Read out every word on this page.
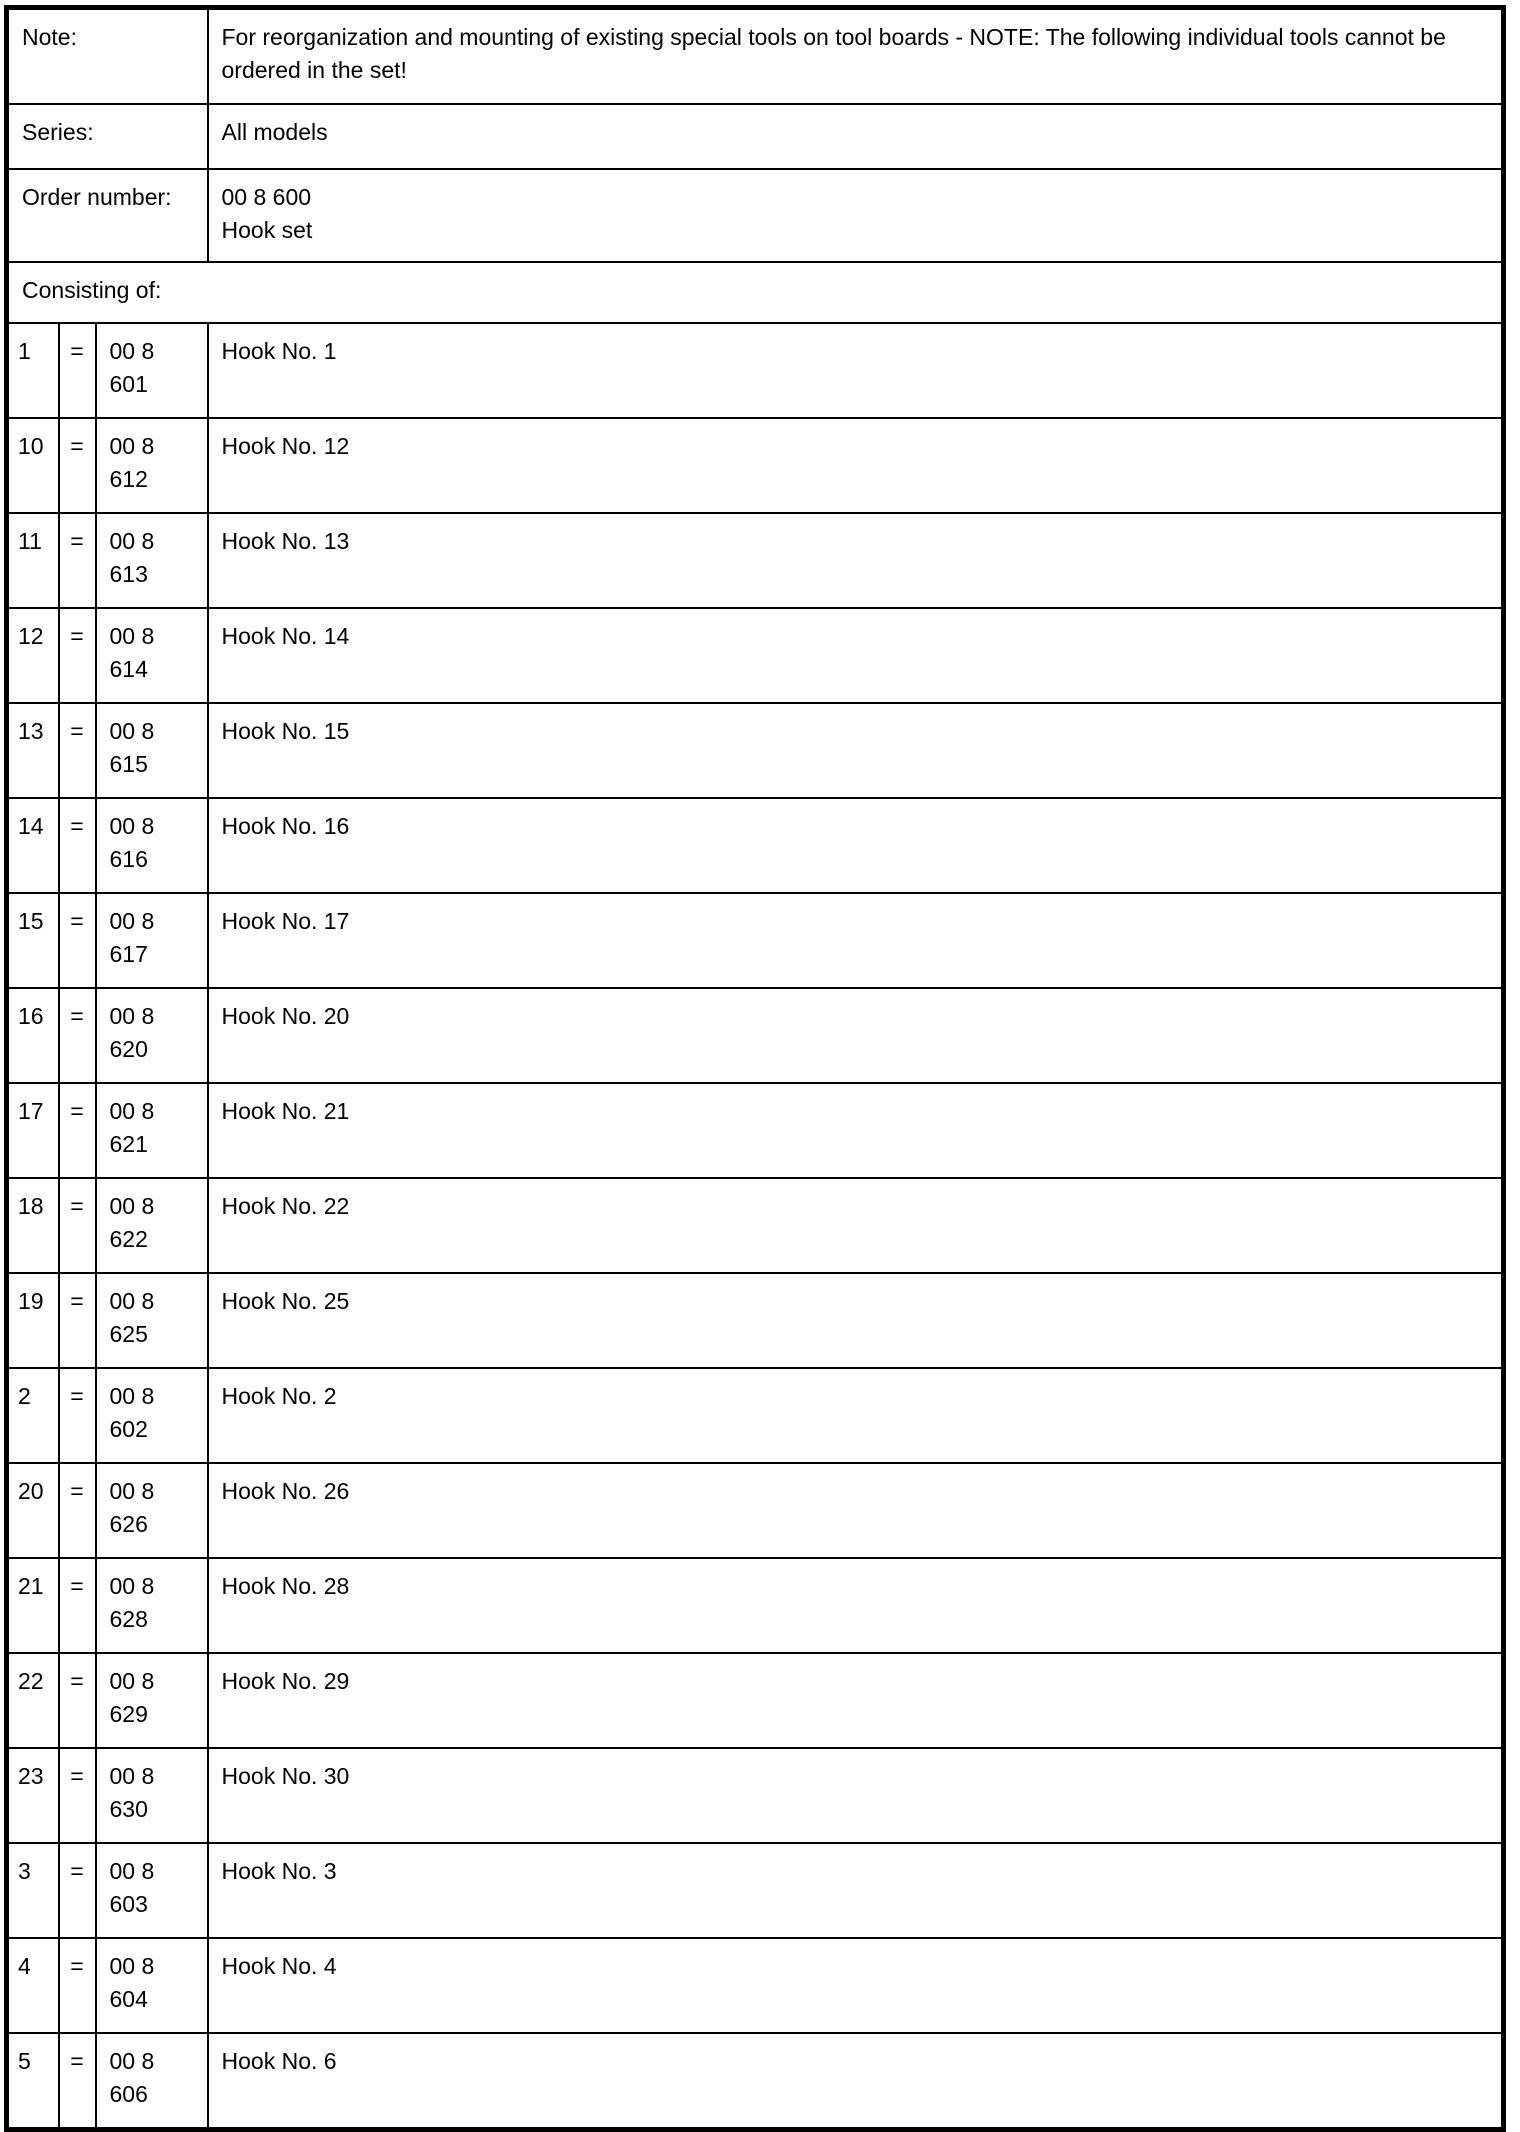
Note:			For reorganization and mounting of existing special tools on tool boards - NOTE: The following individual tools cannot be ordered in the set!
Series:			All models
Order number:			00 8 600
Hook set

Consisting of:			
1	=	00 8 601	Hook No. 1
10	=	00 8 612	Hook No. 12
11	=	00 8 613	Hook No. 13
12	=	00 8 614	Hook No. 14
13	=	00 8 615	Hook No. 15
14	=	00 8 616	Hook No. 16
15	=	00 8 617	Hook No. 17
16	=	00 8 620	Hook No. 20
17	=	00 8 621	Hook No. 21
18	=	00 8 622	Hook No. 22
19	=	00 8 625	Hook No. 25
2	=	00 8 602	Hook No. 2
20	=	00 8 626	Hook No. 26
21	=	00 8 628	Hook No. 28
22	=	00 8 629	Hook No. 29
23	=	00 8 630	Hook No. 30
3	=	00 8 603	Hook No. 3
4	=	00 8 604	Hook No. 4
5	=	00 8 606	Hook No. 6
